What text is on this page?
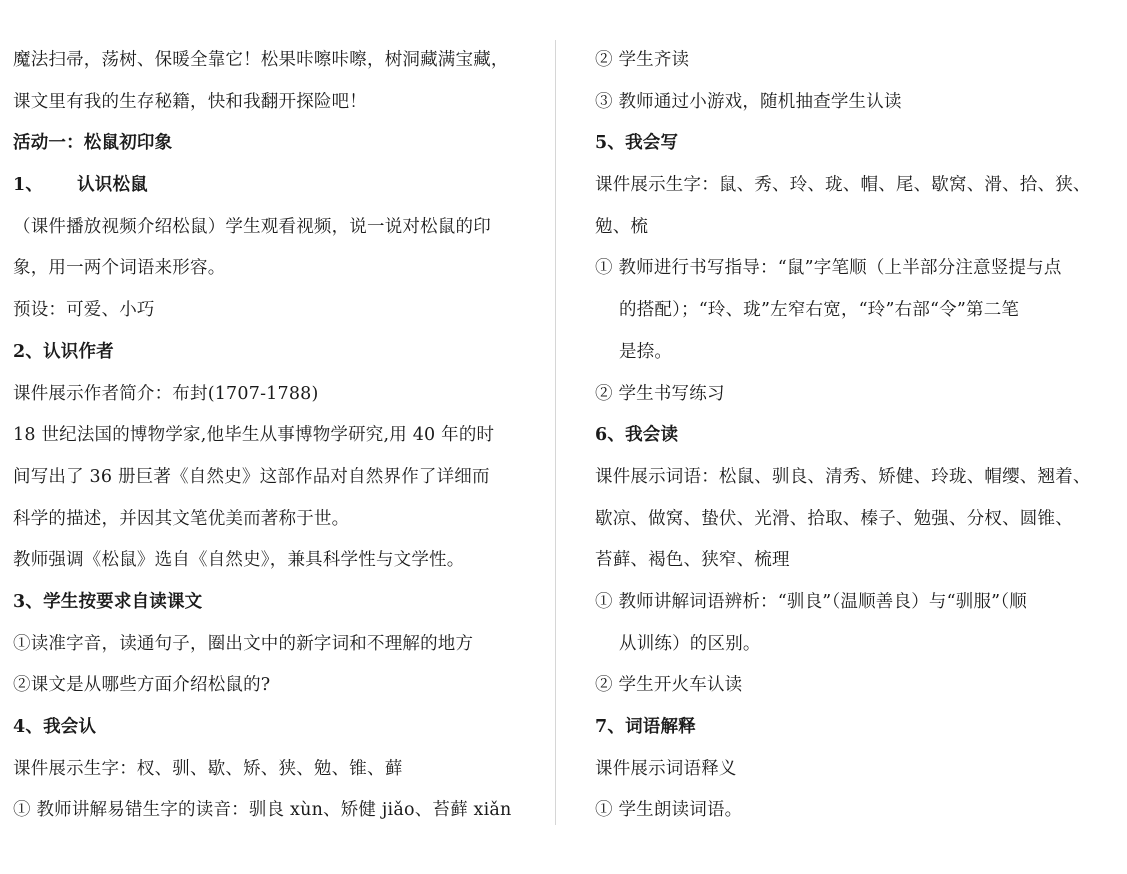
魔法扫帚，荡树、保暖全靠它！松果咔嚓咔嚓，树洞藏满宝藏，
课文里有我的生存秘籍，快和我翻开探险吧！
活动一：松鼠初印象
1、 认识松鼠
（课件播放视频介绍松鼠）学生观看视频，说一说对松鼠的印
象，用一两个词语来形容。
预设：可爱、小巧
2、认识作者
课件展示作者简介：布封(1707-1788)
18 世纪法国的博物学家,他毕生从事博物学研究,用 40 年的时
间写出了 36 册巨著《自然史》这部作品对自然界作了详细而
科学的描述，并因其文笔优美而著称于世。
教师强调《松鼠》选自《自然史》，兼具科学性与文学性。
3、学生按要求自读课文
①读准字音，读通句子，圈出文中的新字词和不理解的地方
②课文是从哪些方面介绍松鼠的?
4、我会认
课件展示生字：杈、驯、歇、矫、狭、勉、锥、藓
① 教师讲解易错生字的读音：驯良 xùn、矫健 jiǎo、苔藓 xiǎn
② 学生齐读
③ 教师通过小游戏，随机抽查学生认读
5、我会写
课件展示生字：鼠、秀、玲、珑、帽、尾、歇窝、滑、拾、狭、
勉、梳
① 教师进行书写指导：“鼠”字笔顺（上半部分注意竖提与点
的搭配）；“玲、珑”左窄右宽，“玲”右部“令”第二笔
是捺。
② 学生书写练习
6、我会读
课件展示词语：松鼠、驯良、清秀、矫健、玲珑、帽缨、翘着、
歇凉、做窝、蛰伏、光滑、拾取、榛子、勉强、分杈、圆锥、
苔藓、褐色、狭窄、梳理
① 教师讲解词语辨析：“驯良”（温顺善良）与“驯服”（顺
从训练）的区别。
② 学生开火车认读
7、词语解释
课件展示词语释义
① 学生朗读词语。
